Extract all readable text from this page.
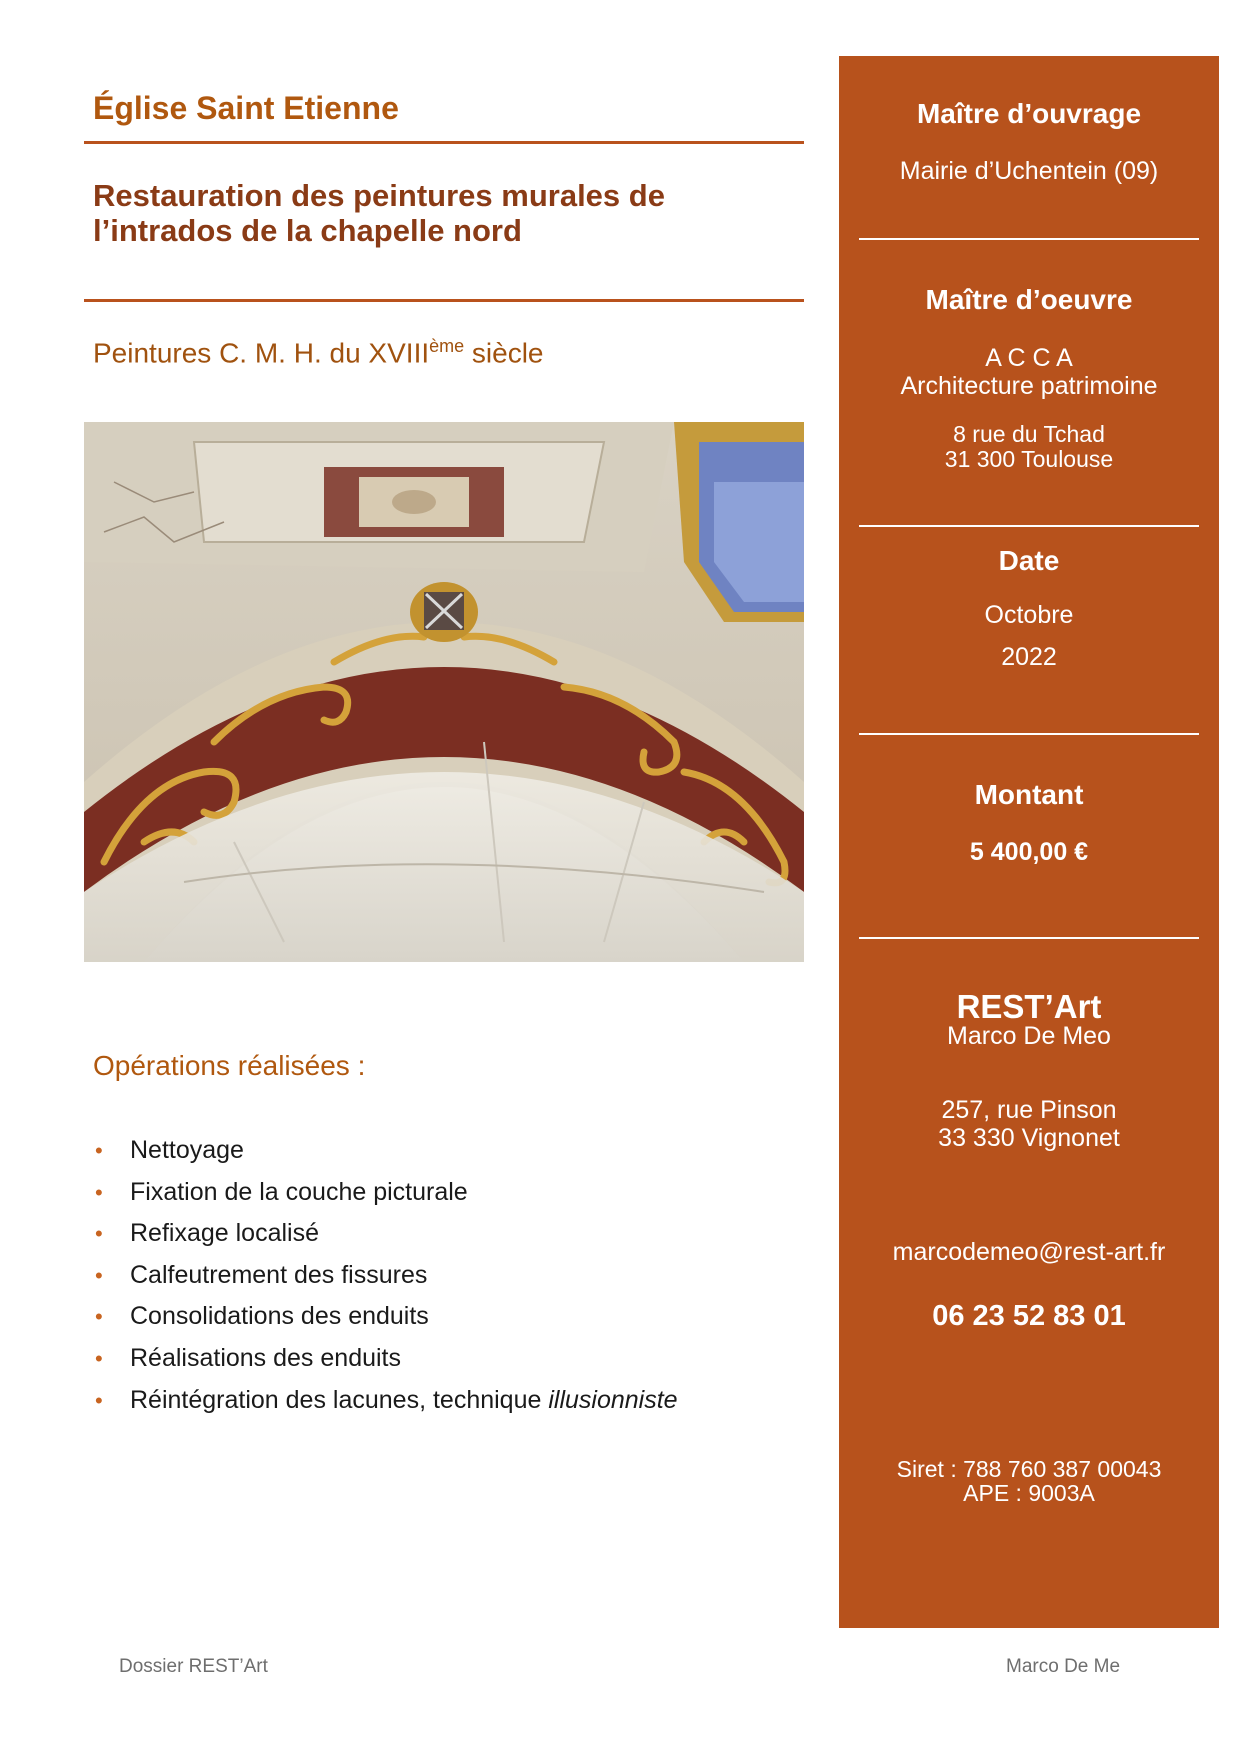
Église Saint Etienne
Restauration des peintures murales de
l’intrados de la chapelle nord
Peintures C. M. H. du XVIIIème siècle
Opérations réalisées :
• Nettoyage
• Fixation de la couche picturale
• Refixage localisé
• Calfeutrement des fissures
• Consolidations des enduits
• Réalisations des enduits
• Réintégration des lacunes, technique illusionniste
Dossier REST’Art	Marco De Me
Maître d’ouvrage
Mairie d’Uchentein (09)
Maître d’oeuvre
A C C A
Architecture patrimoine
8 rue du Tchad
31 300 Toulouse
Date
Octobre
2022
Montant
5 400,00 €
REST’Art
Marco De Meo
257, rue Pinson
33 330 Vignonet
marcodemeo@rest-art.fr
06 23 52 83 01
Siret : 788 760 387 00043
APE : 9003A
